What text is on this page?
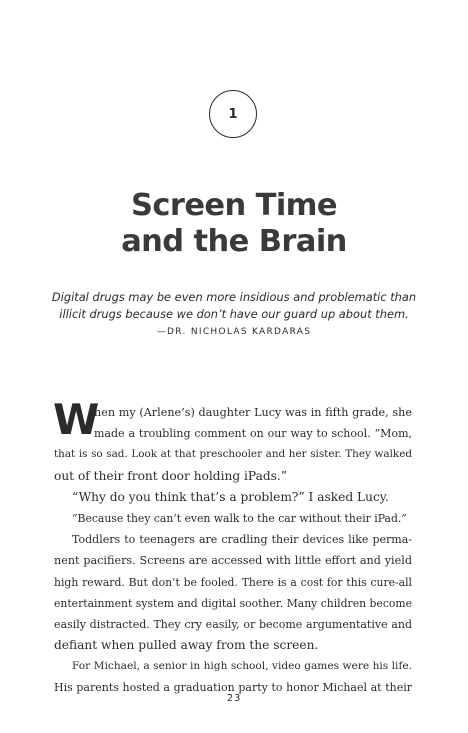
1
Screen Time
and the Brain
Digital drugs may be even more insidious and problematic than
illicit drugs because we don’t have our guard up about them.
—DR. NICHOLAS KARDARAS
W
hen my (Arlene’s) daughter Lucy was in fifth grade, she
made a troubling comment on our way to school. “Mom,
that is so sad. Look at that preschooler and her sister. They walked
out of their front door holding iPads.”
“Why do you think that’s a problem?” I asked Lucy.
“Because they can’t even walk to the car without their iPad.”
Toddlers to teenagers are cradling their devices like perma-
nent pacifiers. Screens are accessed with little effort and yield
high reward. But don’t be fooled. There is a cost for this cure-all
entertainment system and digital soother. Many children become
easily distracted. They cry easily, or become argumentative and
defiant when pulled away from the screen.
For Michael, a senior in high school, video games were his life.
His parents hosted a graduation party to honor Michael at their
23
